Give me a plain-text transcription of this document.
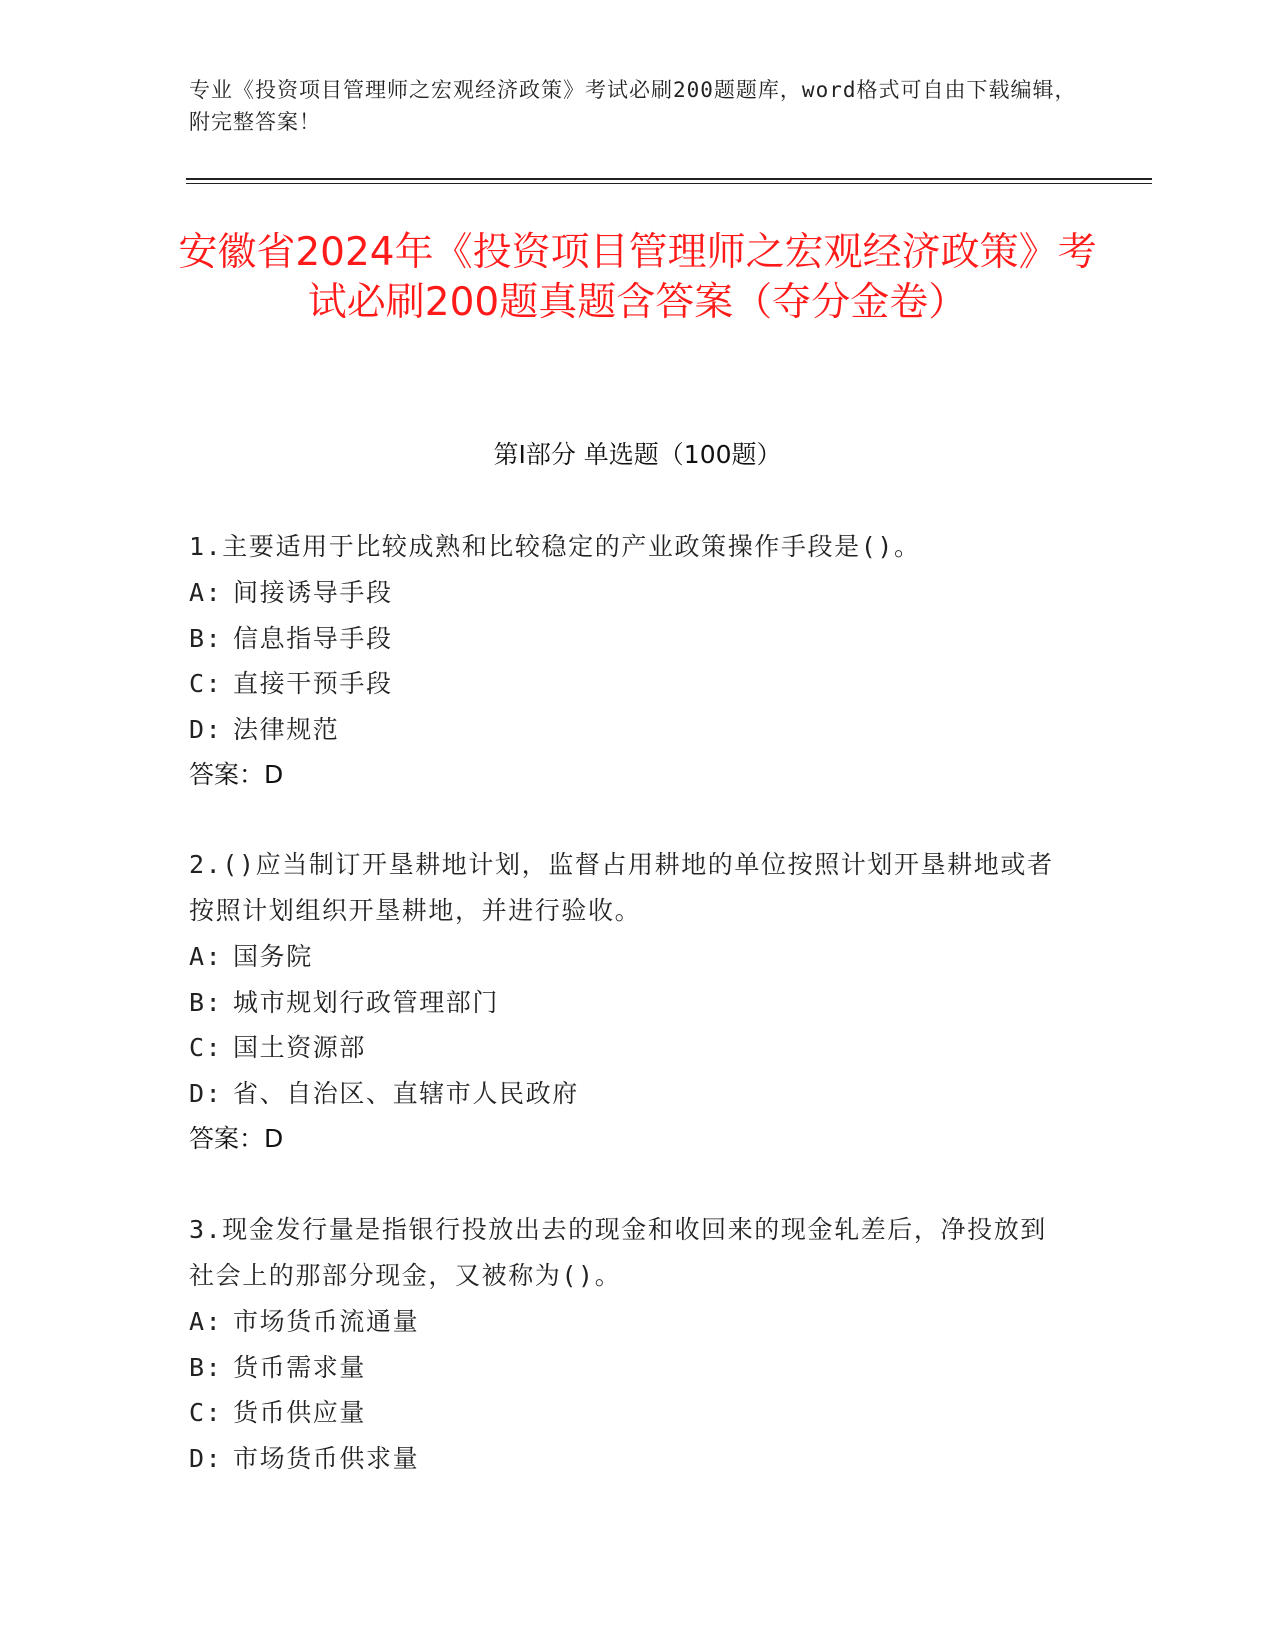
专业《投资项目管理师之宏观经济政策》考试必刷200题题库，word格式可自由下载编辑，附完整答案！
安徽省2024年《投资项目管理师之宏观经济政策》考试必刷200题真题含答案（夺分金卷）
第Ⅰ部分 单选题（100题）
1.主要适用于比较成熟和比较稳定的产业政策操作手段是()。
A: 间接诱导手段
B: 信息指导手段
C: 直接干预手段
D: 法律规范
答案：D
2.()应当制订开垦耕地计划，监督占用耕地的单位按照计划开垦耕地或者按照计划组织开垦耕地，并进行验收。
A: 国务院
B: 城市规划行政管理部门
C: 国土资源部
D: 省、自治区、直辖市人民政府
答案：D
3.现金发行量是指银行投放出去的现金和收回来的现金轧差后，净投放到社会上的那部分现金，又被称为()。
A: 市场货币流通量
B: 货币需求量
C: 货币供应量
D: 市场货币供求量
